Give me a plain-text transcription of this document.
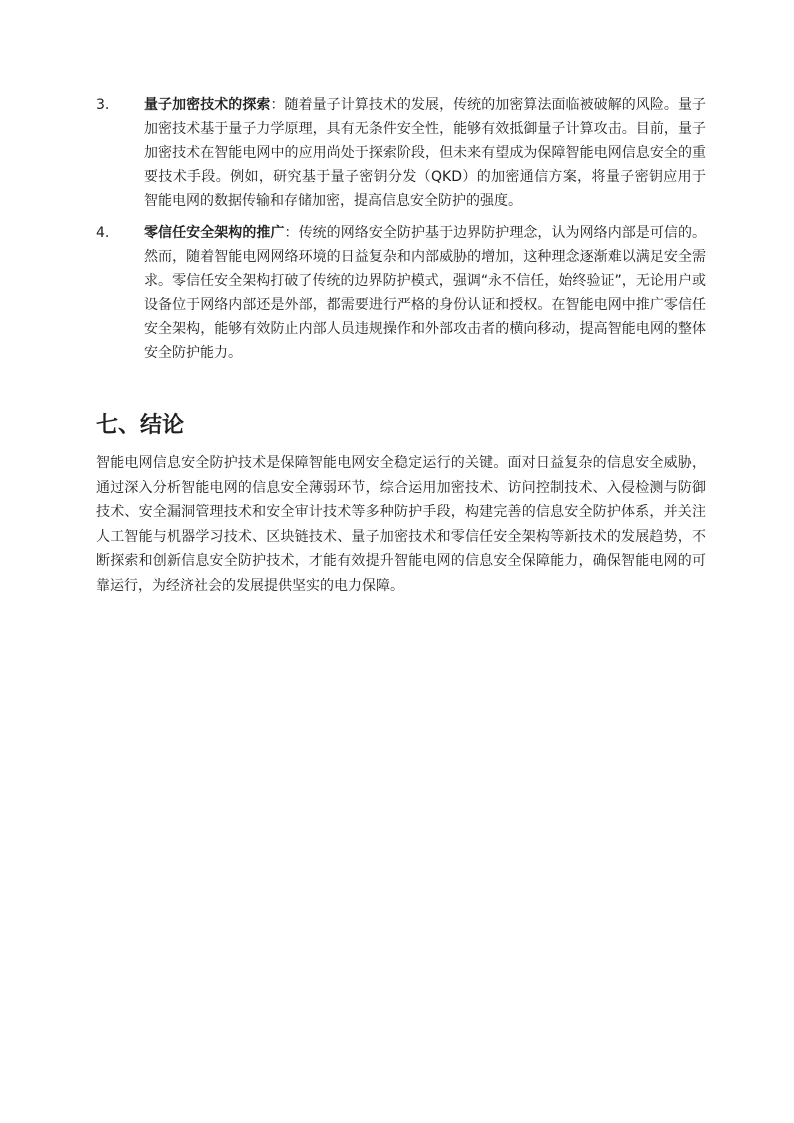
3. 量子加密技术的探索：随着量子计算技术的发展，传统的加密算法面临被破解的风险。量子加密技术基于量子力学原理，具有无条件安全性，能够有效抵御量子计算攻击。目前，量子加密技术在智能电网中的应用尚处于探索阶段，但未来有望成为保障智能电网信息安全的重要技术手段。例如，研究基于量子密钥分发（QKD）的加密通信方案，将量子密钥应用于智能电网的数据传输和存储加密，提高信息安全防护的强度。

4. 零信任安全架构的推广：传统的网络安全防护基于边界防护理念，认为网络内部是可信的。然而，随着智能电网网络环境的日益复杂和内部威胁的增加，这种理念逐渐难以满足安全需求。零信任安全架构打破了传统的边界防护模式，强调“永不信任，始终验证”，无论用户或设备位于网络内部还是外部，都需要进行严格的身份认证和授权。在智能电网中推广零信任安全架构，能够有效防止内部人员违规操作和外部攻击者的横向移动，提高智能电网的整体安全防护能力。

七、结论

智能电网信息安全防护技术是保障智能电网安全稳定运行的关键。面对日益复杂的信息安全威胁，通过深入分析智能电网的信息安全薄弱环节，综合运用加密技术、访问控制技术、入侵检测与防御技术、安全漏洞管理技术和安全审计技术等多种防护手段，构建完善的信息安全防护体系，并关注人工智能与机器学习技术、区块链技术、量子加密技术和零信任安全架构等新技术的发展趋势，不断探索和创新信息安全防护技术，才能有效提升智能电网的信息安全保障能力，确保智能电网的可靠运行，为经济社会的发展提供坚实的电力保障。
